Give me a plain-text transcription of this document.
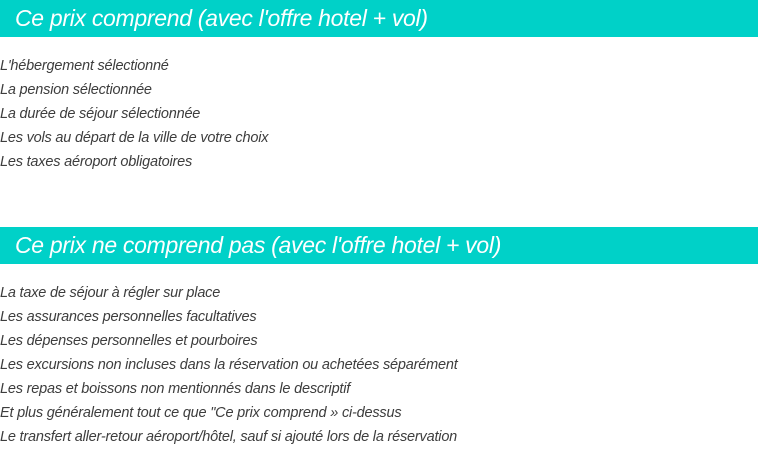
Ce prix comprend (avec l'offre hotel + vol)
L'hébergement sélectionné
La pension sélectionnée
La durée de séjour sélectionnée
Les vols au départ de la ville de votre choix
Les taxes aéroport obligatoires
Ce prix ne comprend pas (avec l'offre hotel + vol)
La taxe de séjour à régler sur place
Les assurances personnelles facultatives
Les dépenses personnelles et pourboires
Les excursions non incluses dans la réservation ou achetées séparément
Les repas et boissons non mentionnés dans le descriptif
Et plus généralement tout ce que "Ce prix comprend » ci-dessus
Le transfert aller-retour aéroport/hôtel, sauf si ajouté lors de la réservation
